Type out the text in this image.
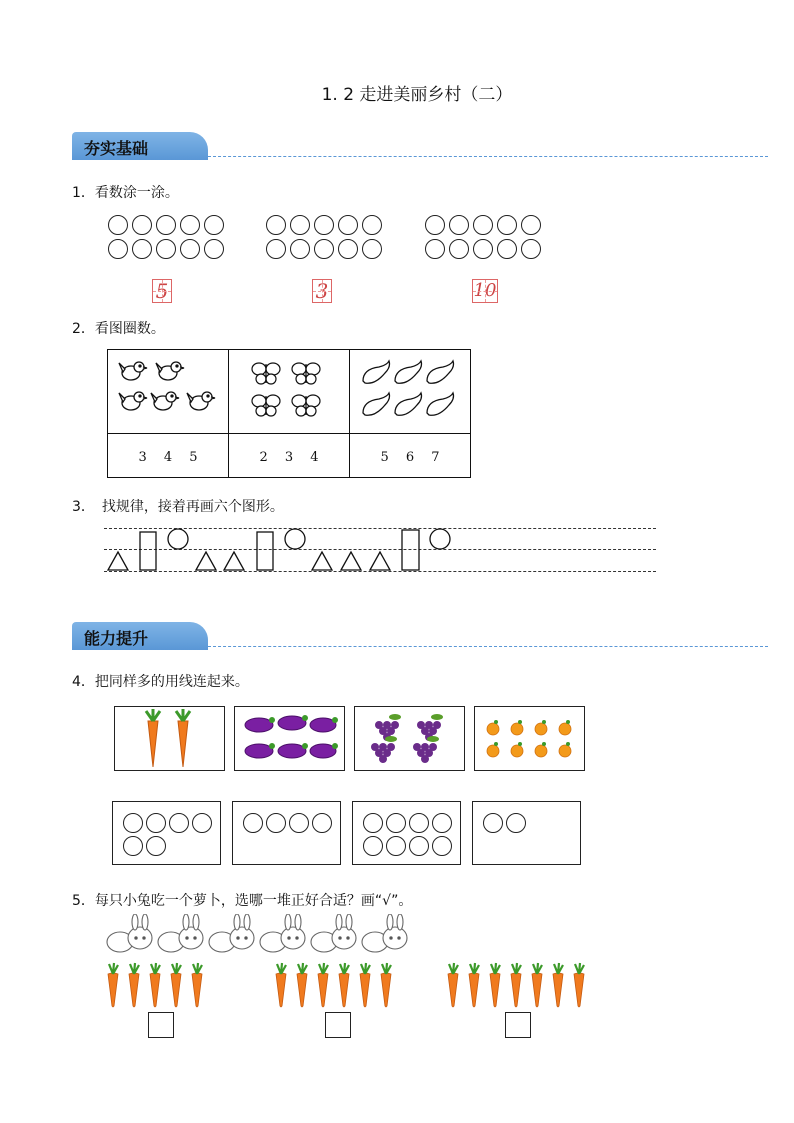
1. 2 走进美丽乡村（二）
夯实基础
1．看数涂一涂。
5	3	10
2．看图圈数。

3　 4　 5	2　 3　 4	5　 6　 7
3．　找规律，接着再画六个图形。
能力提升
4．把同样多的用线连起来。
5．每只小兔吃一个萝卜，选哪一堆正好合适？画“√”。
